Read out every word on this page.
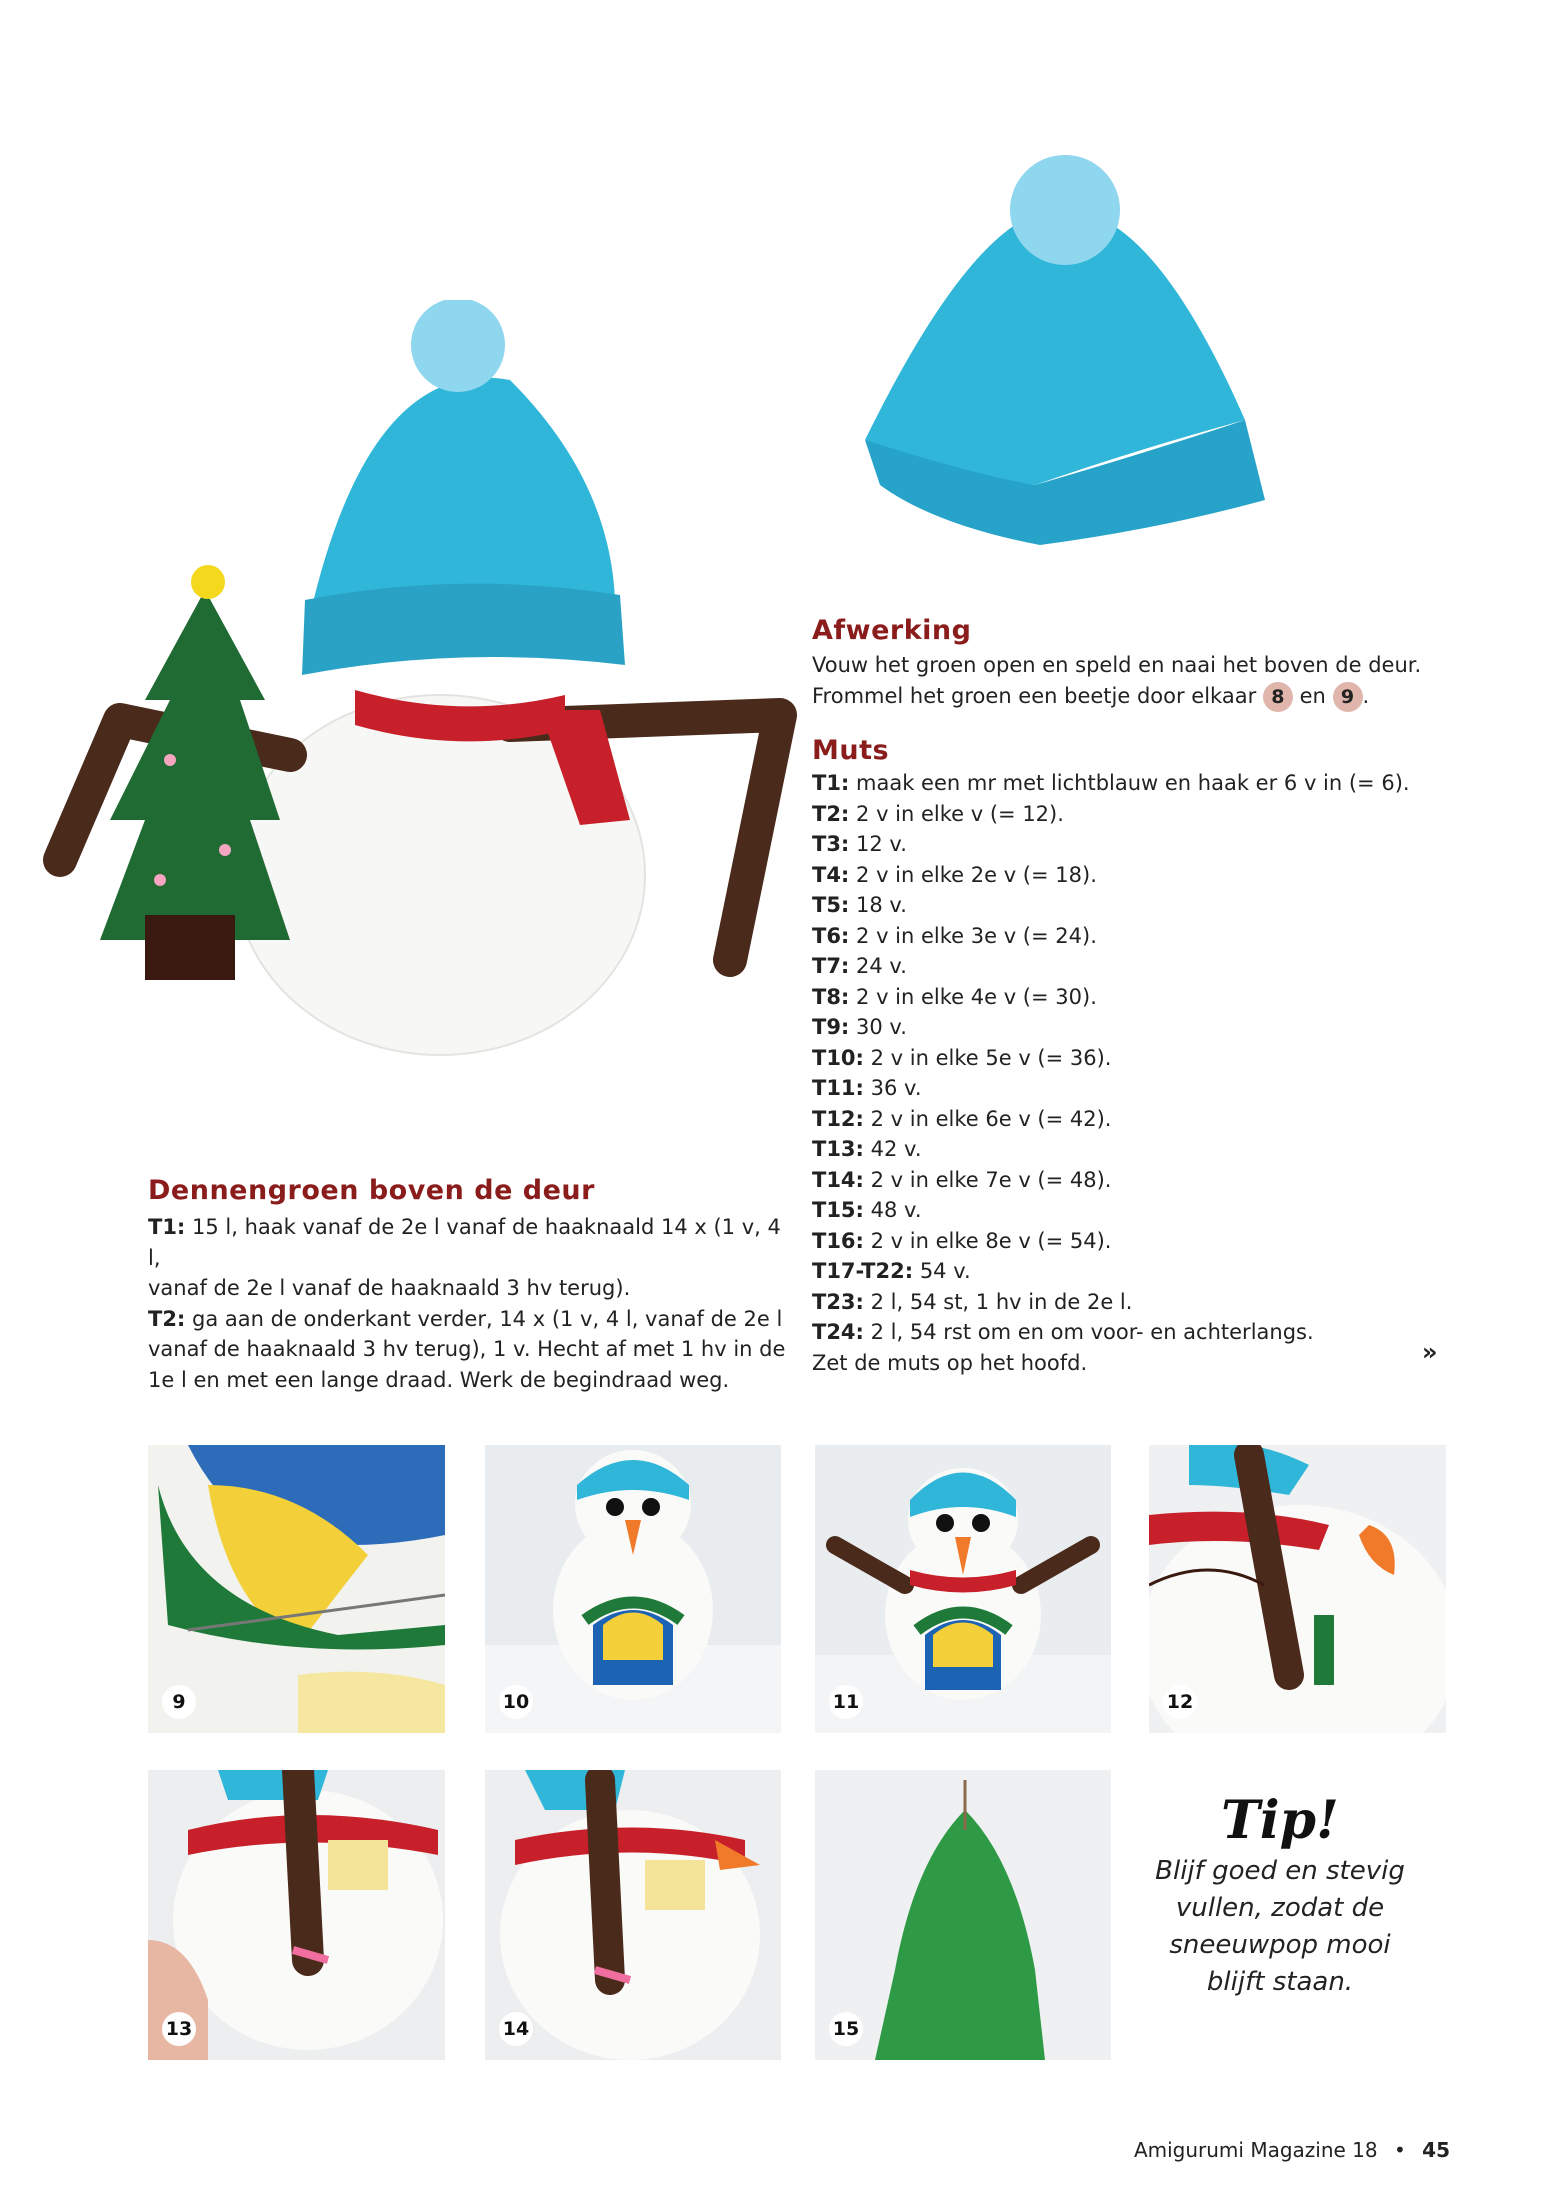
Afwerking

Vouw het groen open en speld en naai het boven de deur.

Frommel het groen een beetje door elkaar 8 en 9 .

Muts

T1: maak een mr met lichtblauw en haak er 6 v in (= 6).

T2: 2 v in elke v (= 12).

T3: 12 v.

T4: 2 v in elke 2e v (= 18).

T5: 18 v.

T6: 2 v in elke 3e v (= 24).

T7: 24 v.

T8: 2 v in elke 4e v (= 30).

T9: 30 v.

T10: 2 v in elke 5e v (= 36).

T11: 36 v.

T12: 2 v in elke 6e v (= 42).

T13: 42 v.

T14: 2 v in elke 7e v (= 48).

T15: 48 v.

T16: 2 v in elke 8e v (= 54).

T17-T22: 54 v.

T23: 2 l, 54 st, 1 hv in de 2e l.

T24: 2 l, 54 rst om en om voor- en achterlangs.

Zet de muts op het hoofd.	»
Dennengroen boven de deur

T1: 15 l, haak vanaf de 2e l vanaf de haaknaald 14 x (1 v, 4 l,

vanaf de 2e l vanaf de haaknaald 3 hv terug).

T2: ga aan de onderkant verder, 14 x (1 v, 4 l, vanaf de 2e l

vanaf de haaknaald 3 hv terug), 1 v. Hecht af met 1 hv in de

1e l en met een lange draad. Werk de begindraad weg.

9	10	11	12
13	14	15
Tip!
Blijf goed en stevig
vullen, zodat de
sneeuwpop mooi
blijft staan.
Amigurumi Magazine 18 • 45
